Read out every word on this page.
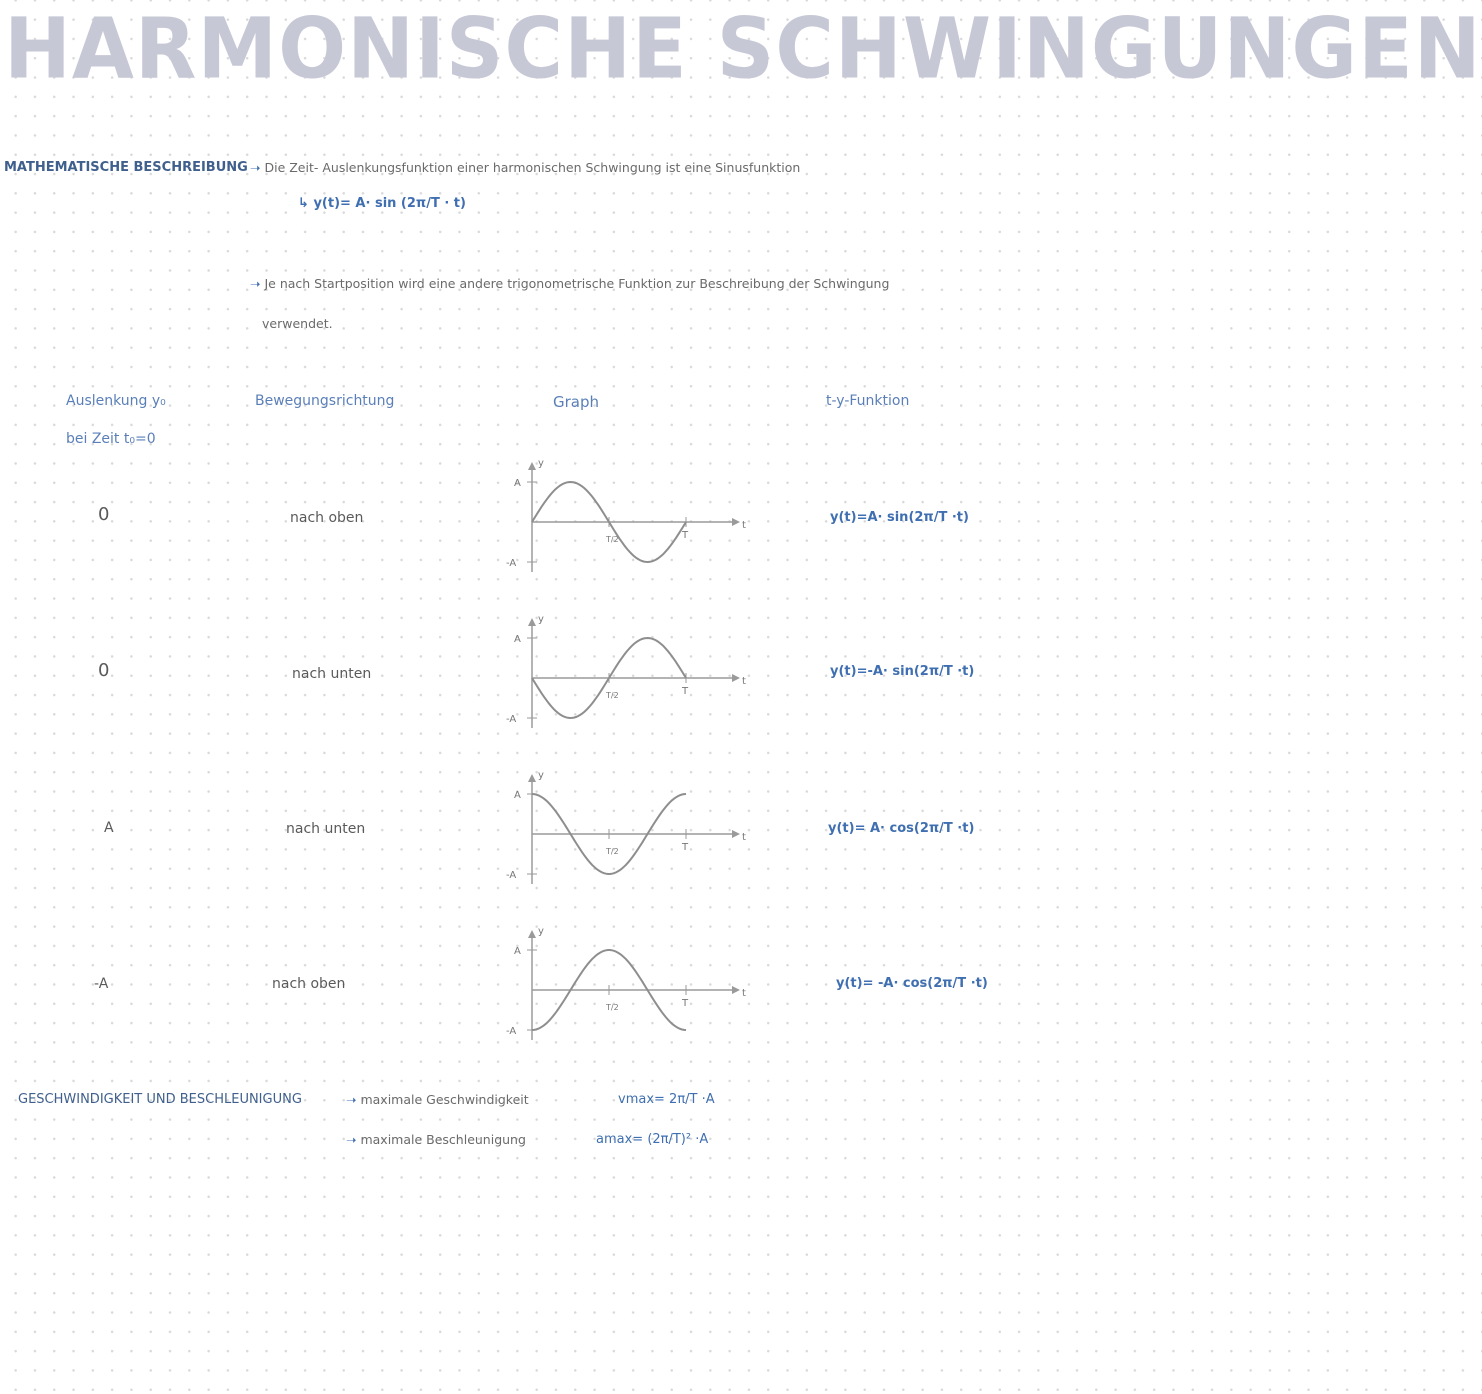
HARMONISCHE SCHWINGUNGEN
MATHEMATISCHE BESCHREIBUNG ➝ Die Zeit- Auslenkungsfunktion einer harmonischen Schwingung ist eine Sinusfunktion
↳ y(t)= A· sin (2π/T · t)
➝ Je nach Startposition wird eine andere trigonometrische Funktion zur Beschreibung der Schwingung
verwendet.
Auslenkung y₀
bei Zeit t₀=0
Bewegungsrichtung	Graph	t-y-Funktion
0	nach oben	y(t)=A· sin(2π/T ·t)
0	nach unten	y(t)=-A· sin(2π/T ·t)
A	nach unten	y(t)= A· cos(2π/T ·t)
-A	nach oben	y(t)= -A· cos(2π/T ·t)
A
-A
y
t
T
T/2
A
-A
y
t
T
T/2
A
-A
y
t
T
T/2
A
-A
y
t
T
T/2
GESCHWINDIGKEIT UND BESCHLEUNIGUNG	➝ maximale Geschwindigkeit	vmax= 2π/T ·A
➝ maximale Beschleunigung	amax= (2π/T)² ·A
